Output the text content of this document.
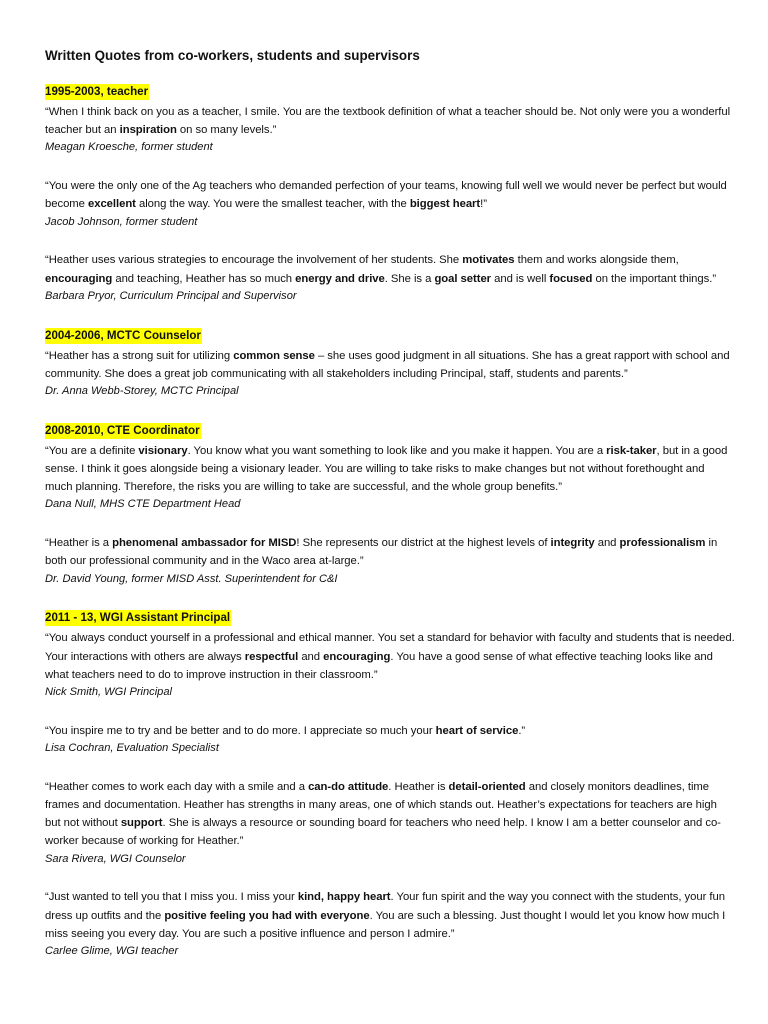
Written Quotes from co-workers, students and supervisors
1995-2003, teacher

“When I think back on you as a teacher, I smile. You are the textbook definition of what a teacher should be. Not only were you a wonderful teacher but an inspiration on so many levels.”

Meagan Kroesche, former student

“You were the only one of the Ag teachers who demanded perfection of your teams, knowing full well we would never be perfect but would become excellent along the way. You were the smallest teacher, with the biggest heart!”

Jacob Johnson, former student

“Heather uses various strategies to encourage the involvement of her students. She motivates them and works alongside them, encouraging and teaching, Heather has so much energy and drive. She is a goal setter and is well focused on the important things.”

Barbara Pryor, Curriculum Principal and Supervisor

2004-2006, MCTC Counselor

“Heather has a strong suit for utilizing common sense – she uses good judgment in all situations. She has a great rapport with school and community. She does a great job communicating with all stakeholders including Principal, staff, students and parents.”

Dr. Anna Webb-Storey, MCTC Principal

2008-2010, CTE Coordinator

“You are a definite visionary. You know what you want something to look like and you make it happen. You are a risk-taker, but in a good sense. I think it goes alongside being a visionary leader. You are willing to take risks to make changes but not without forethought and much planning. Therefore, the risks you are willing to take are successful, and the whole group benefits.”

Dana Null, MHS CTE Department Head

“Heather is a phenomenal ambassador for MISD! She represents our district at the highest levels of integrity and professionalism in both our professional community and in the Waco area at-large.”

Dr. David Young, former MISD Asst. Superintendent for C&I

2011 - 13, WGI Assistant Principal

“You always conduct yourself in a professional and ethical manner. You set a standard for behavior with faculty and students that is needed. Your interactions with others are always respectful and encouraging. You have a good sense of what effective teaching looks like and what teachers need to do to improve instruction in their classroom.”

Nick Smith, WGI Principal

“You inspire me to try and be better and to do more. I appreciate so much your heart of service.”

Lisa Cochran, Evaluation Specialist

“Heather comes to work each day with a smile and a can-do attitude. Heather is detail-oriented and closely monitors deadlines, time frames and documentation. Heather has strengths in many areas, one of which stands out. Heather’s expectations for teachers are high but not without support. She is always a resource or sounding board for teachers who need help. I know I am a better counselor and co-worker because of working for Heather.”

Sara Rivera, WGI Counselor

“Just wanted to tell you that I miss you. I miss your kind, happy heart. Your fun spirit and the way you connect with the students, your fun dress up outfits and the positive feeling you had with everyone. You are such a blessing. Just thought I would let you know how much I miss seeing you every day. You are such a positive influence and person I admire.”

Carlee Glime, WGI teacher
